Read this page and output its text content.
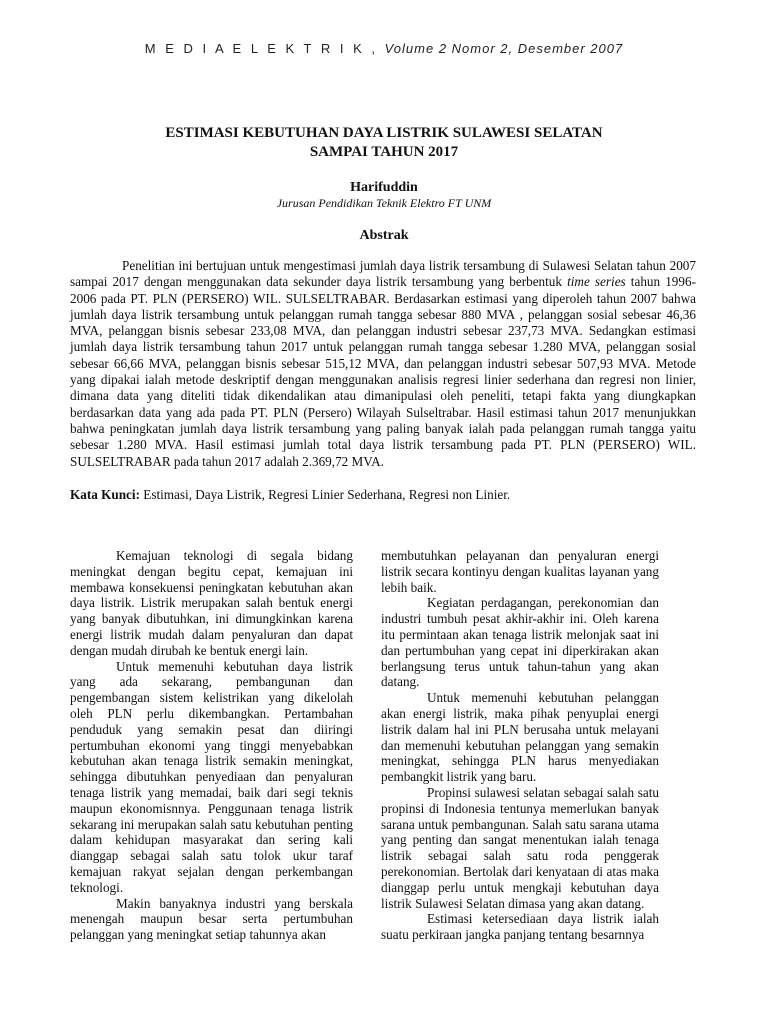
M E D I A E L E K T R I K , Volume 2 Nomor 2, Desember 2007
ESTIMASI KEBUTUHAN DAYA LISTRIK SULAWESI SELATAN
SAMPAI TAHUN 2017
Harifuddin
Jurusan Pendidikan Teknik Elektro FT UNM
Abstrak

Penelitian ini bertujuan untuk mengestimasi jumlah daya listrik tersambung di Sulawesi Selatan tahun 2007 sampai 2017 dengan menggunakan data sekunder daya listrik tersambung yang berbentuk time series tahun 1996-2006 pada PT. PLN (PERSERO) WIL. SULSELTRABAR. Berdasarkan estimasi yang diperoleh tahun 2007 bahwa jumlah daya listrik tersambung untuk pelanggan rumah tangga sebesar 880 MVA , pelanggan sosial sebesar 46,36 MVA, pelanggan bisnis sebesar 233,08 MVA, dan pelanggan industri sebesar 237,73 MVA. Sedangkan estimasi jumlah daya listrik tersambung tahun 2017 untuk pelanggan rumah tangga sebesar 1.280 MVA, pelanggan sosial sebesar 66,66 MVA, pelanggan bisnis sebesar 515,12 MVA, dan pelanggan industri sebesar 507,93 MVA. Metode yang dipakai ialah metode deskriptif dengan menggunakan analisis regresi linier sederhana dan regresi non linier, dimana data yang diteliti tidak dikendalikan atau dimanipulasi oleh peneliti, tetapi fakta yang diungkapkan berdasarkan data yang ada pada PT. PLN (Persero) Wilayah Sulseltrabar. Hasil estimasi tahun 2017 menunjukkan bahwa peningkatan jumlah daya listrik tersambung yang paling banyak ialah pada pelanggan rumah tangga yaitu sebesar 1.280 MVA. Hasil estimasi jumlah total daya listrik tersambung pada PT. PLN (PERSERO) WIL. SULSELTRABAR pada tahun 2017 adalah 2.369,72 MVA.

Kata Kunci: Estimasi, Daya Listrik, Regresi Linier Sederhana, Regresi non Linier.

Kemajuan teknologi di segala bidang meningkat dengan begitu cepat, kemajuan ini membawa konsekuensi peningkatan kebutuhan akan daya listrik. Listrik merupakan salah bentuk energi yang banyak dibutuhkan, ini dimungkinkan karena energi listrik mudah dalam penyaluran dan dapat dengan mudah dirubah ke bentuk energi lain.

Untuk memenuhi kebutuhan daya listrik yang ada sekarang, pembangunan dan pengembangan sistem kelistrikan yang dikelolah oleh PLN perlu dikembangkan. Pertambahan penduduk yang semakin pesat dan diiringi pertumbuhan ekonomi yang tinggi menyebabkan kebutuhan akan tenaga listrik semakin meningkat, sehingga dibutuhkan penyediaan dan penyaluran tenaga listrik yang memadai, baik dari segi teknis maupun ekonomisnnya. Penggunaan tenaga listrik sekarang ini merupakan salah satu kebutuhan penting dalam kehidupan masyarakat dan sering kali dianggap sebagai salah satu tolok ukur taraf kemajuan rakyat sejalan dengan perkembangan teknologi.

Makin banyaknya industri yang berskala menengah maupun besar serta pertumbuhan pelanggan yang meningkat setiap tahunnya akan

membutuhkan pelayanan dan penyaluran energi listrik secara kontinyu dengan kualitas layanan yang lebih baik.

Kegiatan perdagangan, perekonomian dan industri tumbuh pesat akhir-akhir ini. Oleh karena itu permintaan akan tenaga listrik melonjak saat ini dan pertumbuhan yang cepat ini diperkirakan akan berlangsung terus untuk tahun-tahun yang akan datang.

Untuk memenuhi kebutuhan pelanggan akan energi listrik, maka pihak penyuplai energi listrik dalam hal ini PLN berusaha untuk melayani dan memenuhi kebutuhan pelanggan yang semakin meningkat, sehingga PLN harus menyediakan pembangkit listrik yang baru.

Propinsi sulawesi selatan sebagai salah satu propinsi di Indonesia tentunya memerlukan banyak sarana untuk pembangunan. Salah satu sarana utama yang penting dan sangat menentukan ialah tenaga listrik sebagai salah satu roda penggerak perekonomian. Bertolak dari kenyataan di atas maka dianggap perlu untuk mengkaji kebutuhan daya listrik Sulawesi Selatan dimasa yang akan datang.

Estimasi ketersediaan daya listrik ialah suatu perkiraan jangka panjang tentang besarnnya
